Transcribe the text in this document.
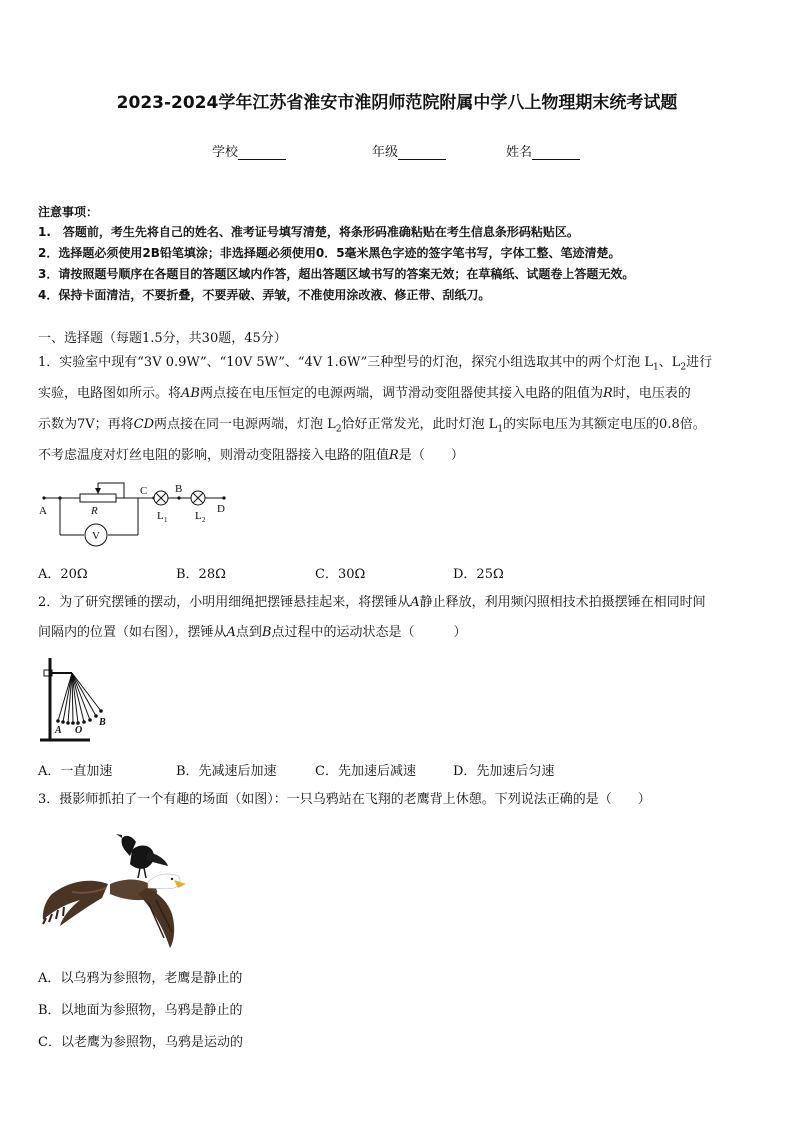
2023-2024学年江苏省淮安市淮阴师范院附属中学八上物理期末统考试题
学校	年级	姓名
注意事项：
1.　答题前，考生先将自己的姓名、准考证号填写清楚，将条形码准确粘贴在考生信息条形码粘贴区。
2．选择题必须使用2B铅笔填涂；非选择题必须使用0．5毫米黑色字迹的签字笔书写，字体工整、笔迹清楚。
3．请按照题号顺序在各题目的答题区域内作答，超出答题区域书写的答案无效；在草稿纸、试题卷上答题无效。
4．保持卡面清洁，不要折叠，不要弄破、弄皱，不准使用涂改液、修正带、刮纸刀。
一、选择题（每题1.5分，共30题，45分）
1．实验室中现有“3V 0.9W”、“10V 5W”、“4V 1.6W”三种型号的灯泡，探究小组选取其中的两个灯泡 $L_1$、$L_2$进行
实验，电路图如所示。将AB两点接在电压恒定的电源两端，调节滑动变阻器使其接入电路的阻值为R时，电压表的
示数为7V；再将CD两点接在同一电源两端，灯泡 $L_2$恰好正常发光，此时灯泡 $L_1$的实际电压为其额定电压的0.8倍。
不考虑温度对灯丝电阻的影响，则滑动变阻器接入电路的阻值R是（　　）
V
A
C	B
D
R	L 1	L 2
A．20Ω	B．28Ω	C．30Ω	D．25Ω
2．为了研究摆锤的摆动，小明用细绳把摆锤悬挂起来，将摆锤从A静止释放，利用频闪照相技术拍摄摆锤在相同时间
间隔内的位置（如右图），摆锤从A点到B点过程中的运动状态是（　　　）
A O
B
A．一直加速	B．先减速后加速	C．先加速后减速	D．先加速后匀速
3．摄影师抓拍了一个有趣的场面（如图）：一只乌鸦站在飞翔的老鹰背上休憩。下列说法正确的是（　　）
A．以乌鸦为参照物，老鹰是静止的
B．以地面为参照物，乌鸦是静止的
C．以老鹰为参照物，乌鸦是运动的
